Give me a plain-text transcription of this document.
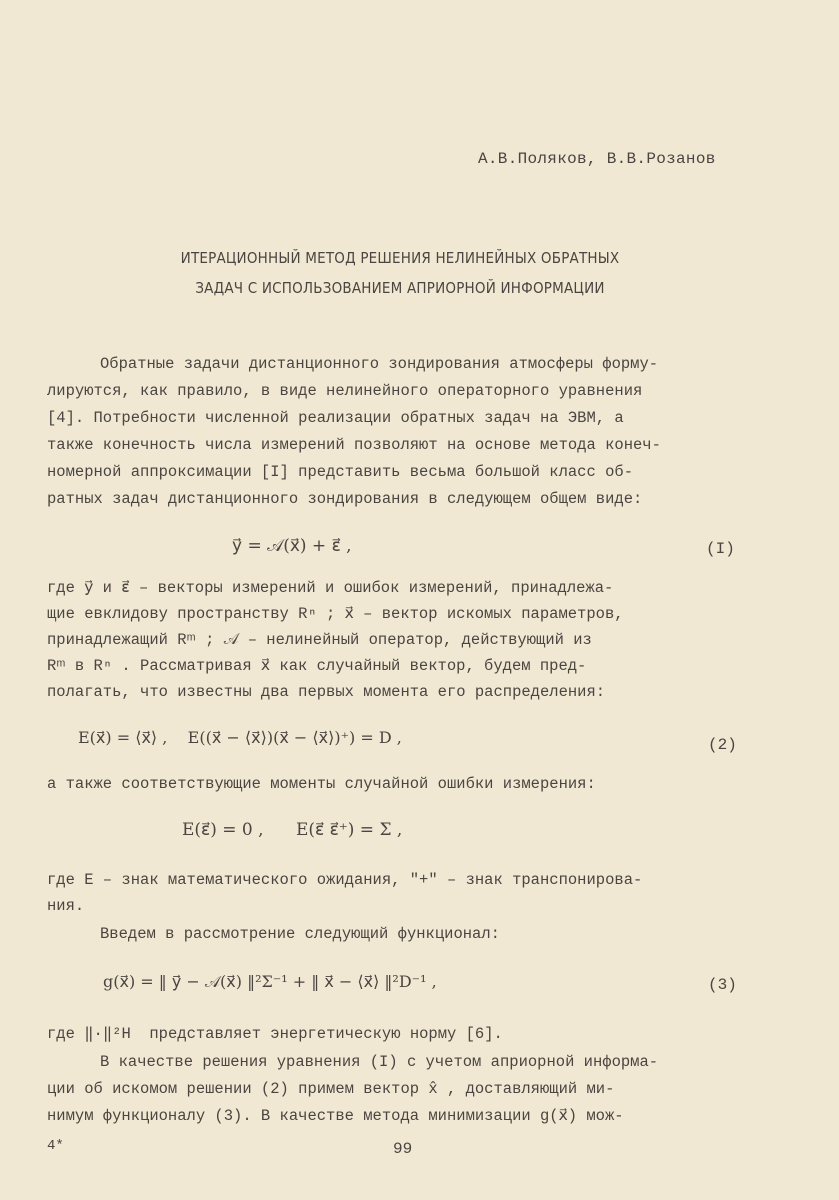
А.В.Поляков, В.В.Розанов
ИТЕРАЦИОННЫЙ МЕТОД РЕШЕНИЯ НЕЛИНЕЙНЫХ ОБРАТНЫХ
ЗАДАЧ С ИСПОЛЬЗОВАНИЕМ АПРИОРНОЙ ИНФОРМАЦИИ
Обратные задачи дистанционного зондирования атмосферы форму-
лируются, как правило, в виде нелинейного операторного уравнения
[4]. Потребности численной реализации обратных задач на ЭВМ, а
также конечность числа измерений позволяют на основе метода конеч-
номерной аппроксимации [I] представить весьма большой класс об-
ратных задач дистанционного зондирования в следующем общем виде:
y⃗ = 𝒜(x⃗) + ε⃗ ,	(I)
где y⃗ и ε⃗ – векторы измерений и ошибок измерений, принадлежа-
щие евклидову пространству Rⁿ ; x⃗ – вектор искомых параметров,
принадлежащий Rᵐ ; 𝒜 – нелинейный оператор, действующий из
Rᵐ в Rⁿ . Рассматривая x⃗ как случайный вектор, будем пред-
полагать, что известны два первых момента его распределения:
E(x⃗) = ⟨x⃗⟩ ,    E((x⃗ − ⟨x⃗⟩)(x⃗ − ⟨x⃗⟩)⁺) = D ,	(2)
а также соответствующие моменты случайной ошибки измерения:
E(ε⃗) = 0 ,      E(ε⃗ ε⃗⁺) = Σ ,
где E – знак математического ожидания, "+" – знак транспонирова-
ния.
Введем в рассмотрение следующий функционал:
g(x⃗) = ‖ y⃗ − 𝒜(x⃗) ‖²Σ⁻¹ + ‖ x⃗ − ⟨x⃗⟩ ‖²D⁻¹ ,	(3)
где ‖·‖²H  представляет энергетическую норму [6].
В качестве решения уравнения (I) с учетом априорной информа-
ции об искомом решении (2) примем вектор x̂ , доставляющий ми-
нимум функционалу (3). В качестве метода минимизации g(x⃗) мож-
4*	99
